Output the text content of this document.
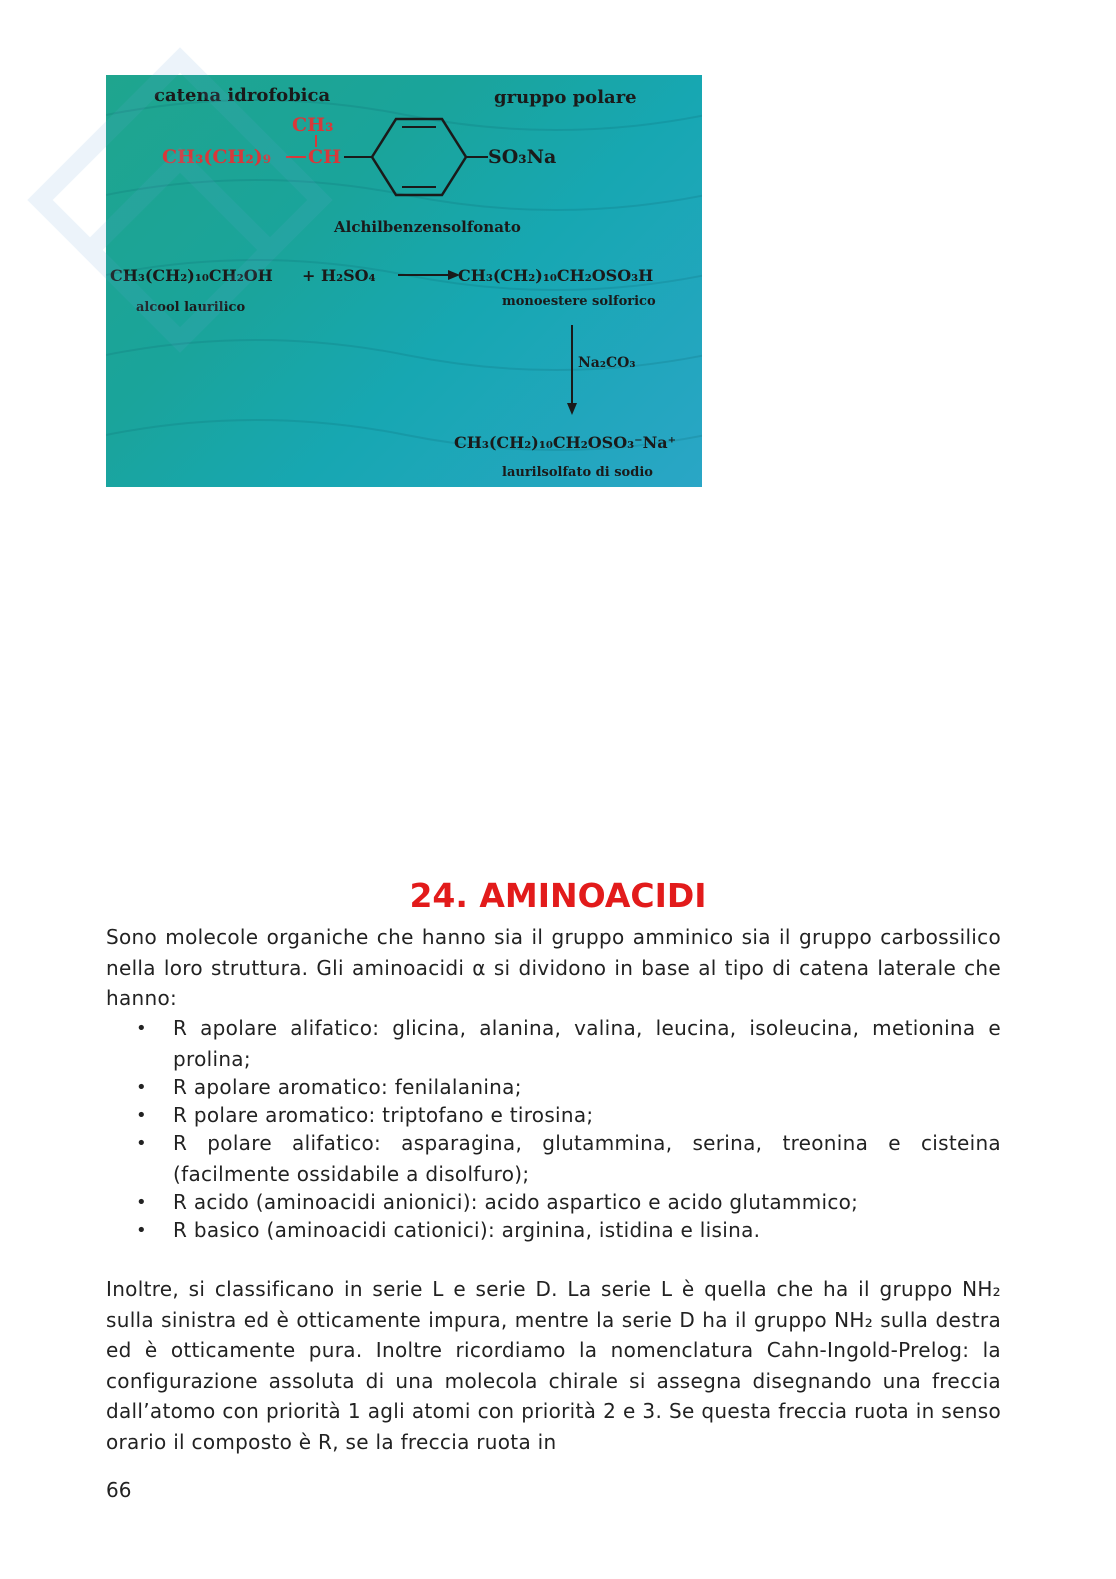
catena idrofobica	gruppo polare
CH₃
CH₃(CH₂)₉ CH	SO₃Na
Alchilbenzensolfonato
CH₃(CH₂)₁₀CH₂OH + H₂SO₄	CH₃(CH₂)₁₀CH₂OSO₃H
alcool laurilico	monoestere solforico
Na₂CO₃
CH₃(CH₂)₁₀CH₂OSO₃⁻Na⁺
laurilsolfato di sodio
24. AMINOACIDI

Sono molecole organiche che hanno sia il gruppo amminico sia il gruppo carbossilico nella loro struttura. Gli aminoacidi α si dividono in base al tipo di catena laterale che hanno:

• R apolare alifatico: glicina, alanina, valina, leucina, isoleucina, metionina e prolina;
• R apolare aromatico: fenilalanina;
• R polare aromatico: triptofano e tirosina;
• R polare alifatico: asparagina, glutammina, serina, treonina e cisteina (facilmente ossidabile a disolfuro);
• R acido (aminoacidi anionici): acido aspartico e acido glutammico;
• R basico (aminoacidi cationici): arginina, istidina e lisina.

Inoltre, si classificano in serie L e serie D. La serie L è quella che ha il gruppo NH₂ sulla sinistra ed è otticamente impura, mentre la serie D ha il gruppo NH₂ sulla destra ed è otticamente pura. Inoltre ricordiamo la nomenclatura Cahn-Ingold-Prelog: la configurazione assoluta di una molecola chirale si assegna disegnando una freccia dall’atomo con priorità 1 agli atomi con priorità 2 e 3. Se questa freccia ruota in senso orario il composto è R, se la freccia ruota in

66
